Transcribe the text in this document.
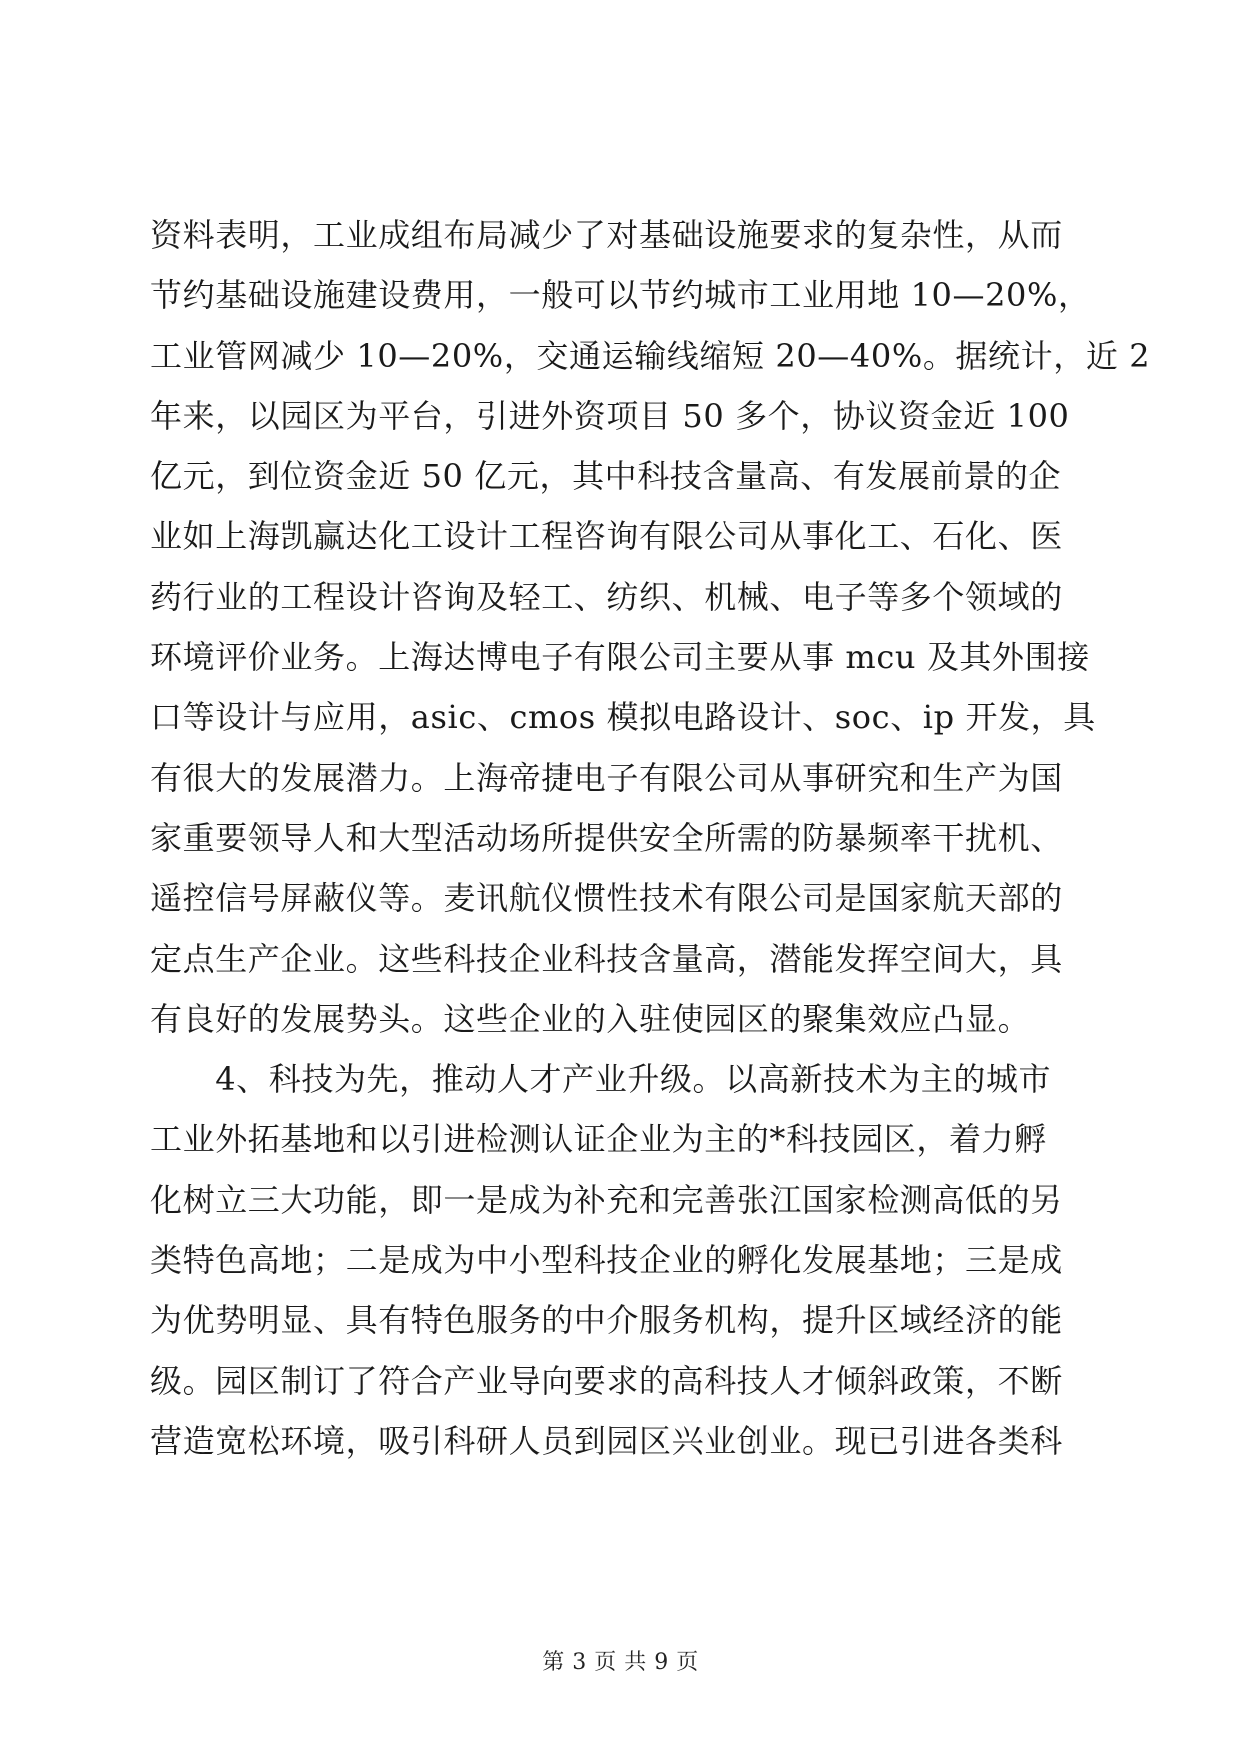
资料表明，工业成组布局减少了对基础设施要求的复杂性，从而
节约基础设施建设费用，一般可以节约城市工业用地 10—20%，
工业管网减少 10—20%，交通运输线缩短 20—40%。据统计，近 2
年来，以园区为平台，引进外资项目 50 多个，协议资金近 100
亿元，到位资金近 50 亿元，其中科技含量高、有发展前景的企
业如上海凯赢达化工设计工程咨询有限公司从事化工、石化、医
药行业的工程设计咨询及轻工、纺织、机械、电子等多个领域的
环境评价业务。上海达博电子有限公司主要从事 mcu 及其外围接
口等设计与应用，asic、cmos 模拟电路设计、soc、ip 开发，具
有很大的发展潜力。上海帝捷电子有限公司从事研究和生产为国
家重要领导人和大型活动场所提供安全所需的防暴频率干扰机、
遥控信号屏蔽仪等。麦讯航仪惯性技术有限公司是国家航天部的
定点生产企业。这些科技企业科技含量高，潜能发挥空间大，具
有良好的发展势头。这些企业的入驻使园区的聚集效应凸显。
　　4、科技为先，推动人才产业升级。以高新技术为主的城市
工业外拓基地和以引进检测认证企业为主的*科技园区，着力孵
化树立三大功能，即一是成为补充和完善张江国家检测高低的另
类特色高地；二是成为中小型科技企业的孵化发展基地；三是成
为优势明显、具有特色服务的中介服务机构，提升区域经济的能
级。园区制订了符合产业导向要求的高科技人才倾斜政策，不断
营造宽松环境，吸引科研人员到园区兴业创业。现已引进各类科
第 3 页 共 9 页
